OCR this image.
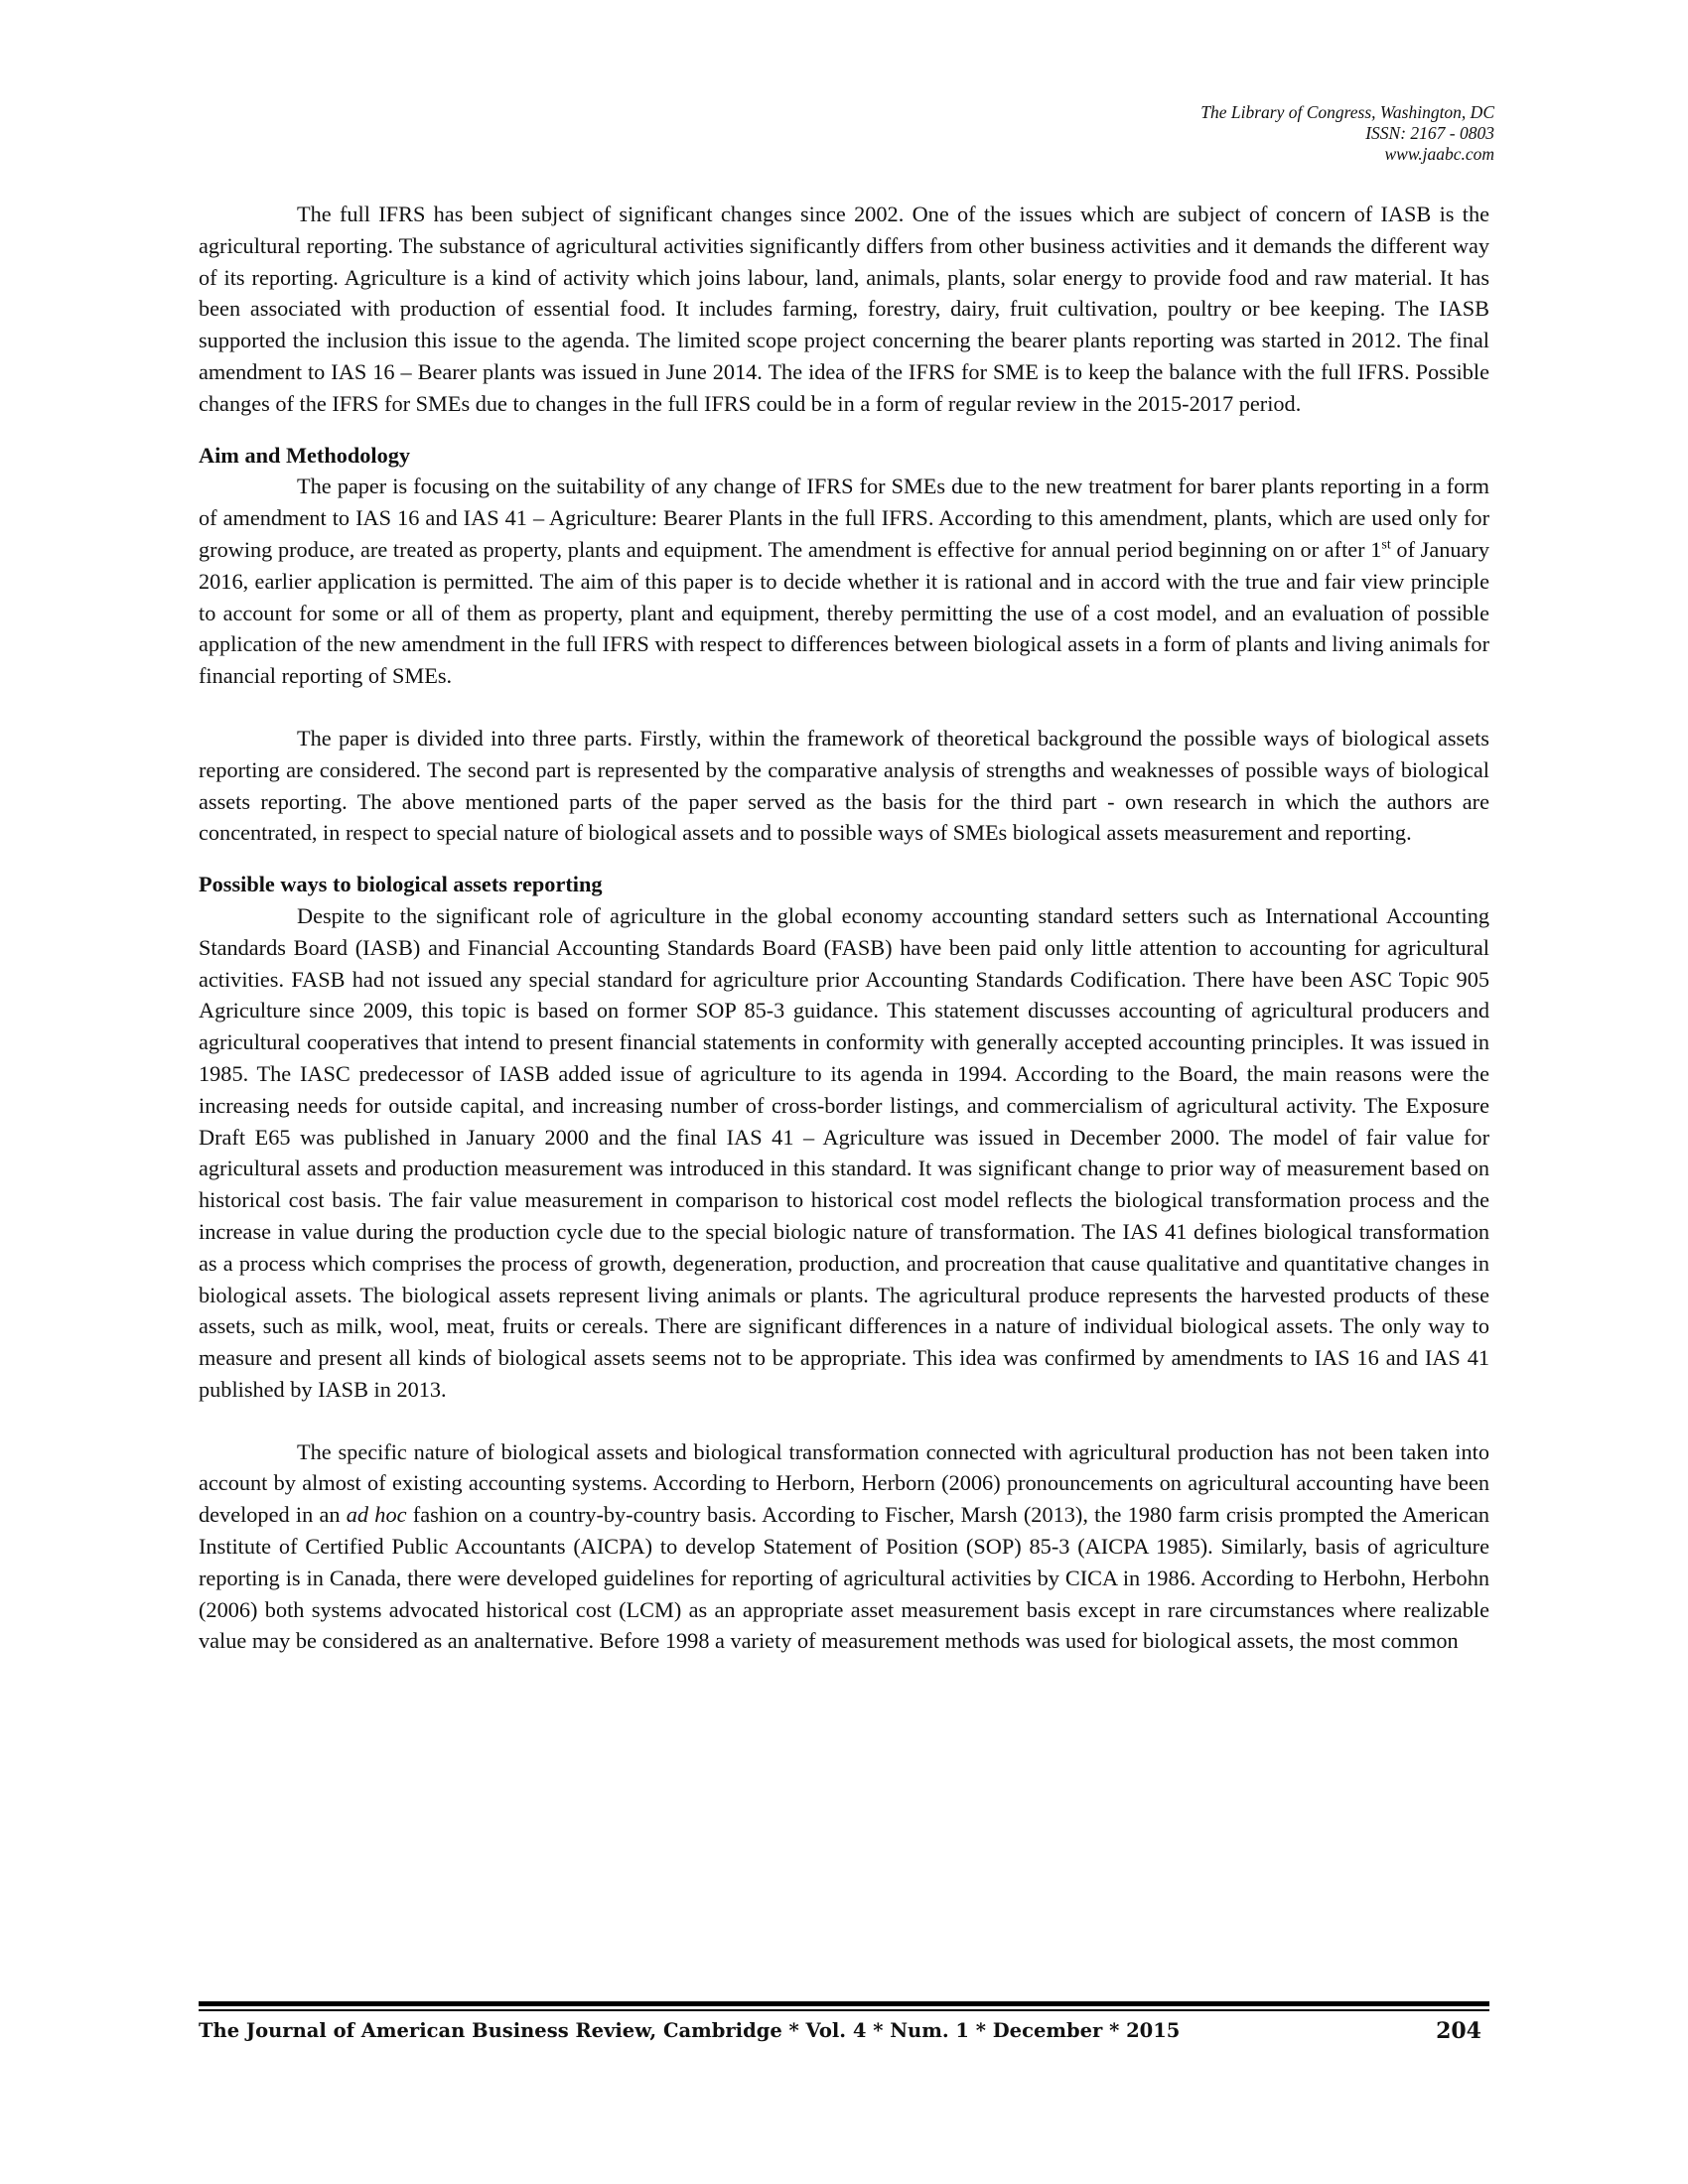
The Library of Congress, Washington, DC
ISSN: 2167 - 0803
www.jaabc.com

The full IFRS has been subject of significant changes since 2002. One of the issues which are subject of concern of IASB is the agricultural reporting. The substance of agricultural activities significantly differs from other business activities and it demands the different way of its reporting. Agriculture is a kind of activity which joins labour, land, animals, plants, solar energy to provide food and raw material. It has been associated with production of essential food. It includes farming, forestry, dairy, fruit cultivation, poultry or bee keeping. The IASB supported the inclusion this issue to the agenda. The limited scope project concerning the bearer plants reporting was started in 2012. The final amendment to IAS 16 – Bearer plants was issued in June 2014. The idea of the IFRS for SME is to keep the balance with the full IFRS. Possible changes of the IFRS for SMEs due to changes in the full IFRS could be in a form of regular review in the 2015-2017 period.

Aim and Methodology

The paper is focusing on the suitability of any change of IFRS for SMEs due to the new treatment for barer plants reporting in a form of amendment to IAS 16 and IAS 41 – Agriculture: Bearer Plants in the full IFRS. According to this amendment, plants, which are used only for growing produce, are treated as property, plants and equipment. The amendment is effective for annual period beginning on or after 1st of January 2016, earlier application is permitted. The aim of this paper is to decide whether it is rational and in accord with the true and fair view principle to account for some or all of them as property, plant and equipment, thereby permitting the use of a cost model, and an evaluation of possible application of the new amendment in the full IFRS with respect to differences between biological assets in a form of plants and living animals for financial reporting of SMEs.

The paper is divided into three parts. Firstly, within the framework of theoretical background the possible ways of biological assets reporting are considered. The second part is represented by the comparative analysis of strengths and weaknesses of possible ways of biological assets reporting. The above mentioned parts of the paper served as the basis for the third part - own research in which the authors are concentrated, in respect to special nature of biological assets and to possible ways of SMEs biological assets measurement and reporting.

Possible ways to biological assets reporting

Despite to the significant role of agriculture in the global economy accounting standard setters such as International Accounting Standards Board (IASB) and Financial Accounting Standards Board (FASB) have been paid only little attention to accounting for agricultural activities. FASB had not issued any special standard for agriculture prior Accounting Standards Codification. There have been ASC Topic 905 Agriculture since 2009, this topic is based on former SOP 85-3 guidance. This statement discusses accounting of agricultural producers and agricultural cooperatives that intend to present financial statements in conformity with generally accepted accounting principles. It was issued in 1985. The IASC predecessor of IASB added issue of agriculture to its agenda in 1994. According to the Board, the main reasons were the increasing needs for outside capital, and increasing number of cross-border listings, and commercialism of agricultural activity. The Exposure Draft E65 was published in January 2000 and the final IAS 41 – Agriculture was issued in December 2000. The model of fair value for agricultural assets and production measurement was introduced in this standard. It was significant change to prior way of measurement based on historical cost basis. The fair value measurement in comparison to historical cost model reflects the biological transformation process and the increase in value during the production cycle due to the special biologic nature of transformation. The IAS 41 defines biological transformation as a process which comprises the process of growth, degeneration, production, and procreation that cause qualitative and quantitative changes in biological assets. The biological assets represent living animals or plants. The agricultural produce represents the harvested products of these assets, such as milk, wool, meat, fruits or cereals. There are significant differences in a nature of individual biological assets. The only way to measure and present all kinds of biological assets seems not to be appropriate. This idea was confirmed by amendments to IAS 16 and IAS 41 published by IASB in 2013.

The specific nature of biological assets and biological transformation connected with agricultural production has not been taken into account by almost of existing accounting systems. According to Herborn, Herborn (2006) pronouncements on agricultural accounting have been developed in an ad hoc fashion on a country-by-country basis. According to Fischer, Marsh (2013), the 1980 farm crisis prompted the American Institute of Certified Public Accountants (AICPA) to develop Statement of Position (SOP) 85-3 (AICPA 1985). Similarly, basis of agriculture reporting is in Canada, there were developed guidelines for reporting of agricultural activities by CICA in 1986. According to Herbohn, Herbohn (2006) both systems advocated historical cost (LCM) as an appropriate asset measurement basis except in rare circumstances where realizable value may be considered as an analternative. Before 1998 a variety of measurement methods was used for biological assets, the most common

The Journal of American Business Review, Cambridge * Vol. 4 * Num. 1 * December * 2015	204
